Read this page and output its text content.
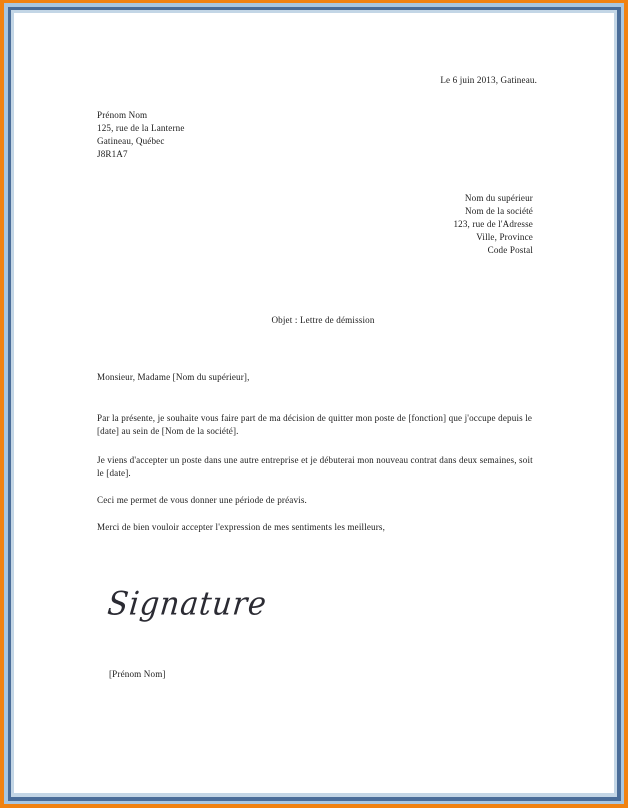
Le 6 juin 2013, Gatineau.
Prénom Nom
125, rue de la Lanterne
Gatineau, Québec
J8R1A7
Nom du supérieur
Nom de la société
123, rue de l'Adresse
Ville, Province
Code Postal
Objet : Lettre de démission
Monsieur, Madame [Nom du supérieur],

Par la présente, je souhaite vous faire part de ma décision de quitter mon poste de [fonction] que j'occupe depuis le [date] au sein de [Nom de la société].

Je viens d'accepter un poste dans une autre entreprise et je débuterai mon nouveau contrat dans deux semaines, soit le [date].

Ceci me permet de vous donner une période de préavis.

Merci de bien vouloir accepter l'expression de mes sentiments les meilleurs,

Signature
[Prénom Nom]
